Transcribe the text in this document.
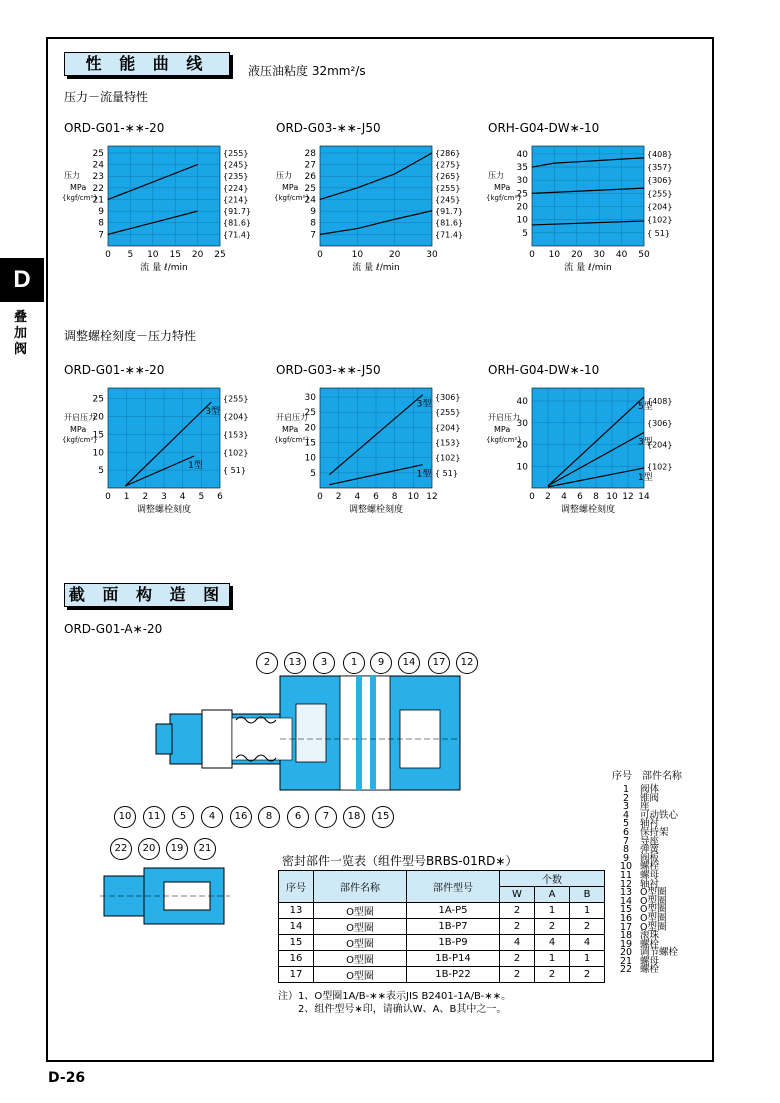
D
叠加阀
性 能 曲 线	液压油粘度 32mm²/s
压力－流量特性
调整螺栓刻度－压力特性
ORD-G01-∗∗-20
0 5 10 15 20 25
7	{71.4}
8	{81.6}
9	{91.7}
21	{214}
22	{224}
23	{235}
24	{245}
25	{255}
压力
MPa
{kgf/cm²}
流 量 ℓ/min
ORD-G03-∗∗-J50
0	10	20	30
7	{71.4}
8	{81.6}
9	{91.7}
24	{245}
25	{255}
26	{265}
27	{275}
28	{286}
压力
MPa
{kgf/cm²}
流 量 ℓ/min
ORH-G04-DW∗-10
0 10 20 30 40 50
5	{ 51}
10	{102}
20	{204}
25	{255}
30	{306}
35	{357}
40	{408}
压力
MPa
{kgf/cm²}
流 量 ℓ/min
ORD-G01-∗∗-20
0 1 2 3 4 5 6
5	{ 51}
10	{102}
15	{153}
20	{204}
25	{255}
开启压力
MPa
{kgf/cm²}
调整螺栓刻度
3型
1型
ORD-G03-∗∗-J50
0 2 4 6 8 10 12
5	{ 51}
10	{102}
15	{153}
20	{204}
25	{255}
30	{306}
开启压力
MPa
{kgf/cm²}
调整螺栓刻度
3型
1型
ORH-G04-DW∗-10
0 2 4 6 8 10 12 14
10	{102}
20	{204}
30	{306}
40	{408}
开启压力
MPa
{kgf/cm²}
调整螺栓刻度
5型
3型
1型
截 面 构 造 图
ORD-G01-A∗-20
2	13	3	1	9	14	17	12
10	11	5	4	16	8	6	7	18	15
22	20	19	21
密封部件一览表（组件型号BRBS-01RD∗）
序号	部件名称	部件型号	个数		
			W	A	B
13	O型圈	1A-P5	2	1	1
14	O型圈	1B-P7	2	2	2
15	O型圈	1B-P9	4	4	4
16	O型圈	1B-P14	2	1	1
17	O型圈	1B-P22	2	2	2
注）1、O型圈1A/B-∗∗表示JIS B2401-1A/B-∗∗。
2、组件型号∗印，请确认W、A、B其中之一。
序号 部件名称
1	阀体
2	锥阀
3	座
4	可动铁心
5	轴衬
6	保持架
7	导座
8	弹簧
9	阀板
10 螺栓
11 螺母
12 轴衬
13 O型圈
14 O型圈
15 O型圈
16 O型圈
17 O型圈
18 滚珠
19 螺栓
20 调节螺栓
21 螺母
22 螺栓
D-26
